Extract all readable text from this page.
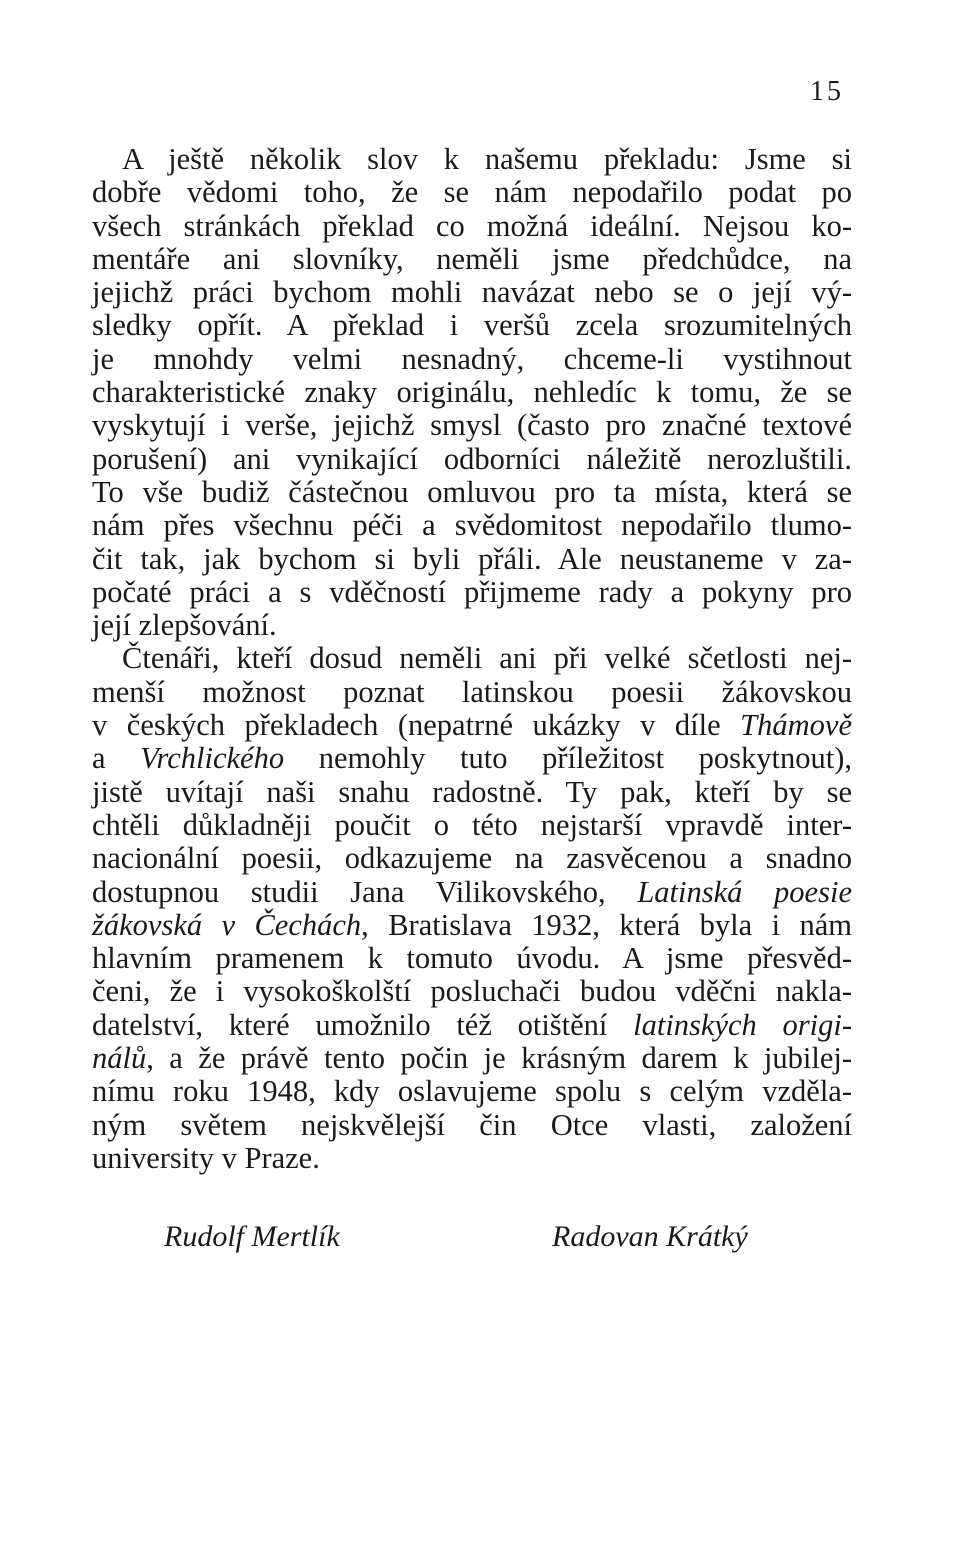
15
A ještě několik slov k našemu překladu: Jsme si
dobře vědomi toho, že se nám nepodařilo podat po
všech stránkách překlad co možná ideální. Nejsou ko-
mentáře ani slovníky, neměli jsme předchůdce, na
jejichž práci bychom mohli navázat nebo se o její vý-
sledky opřít. A překlad i veršů zcela srozumitelných
je mnohdy velmi nesnadný, chceme-li vystihnout
charakteristické znaky originálu, nehledíc k tomu, že se
vyskytují i verše, jejichž smysl (často pro značné textové
porušení) ani vynikající odborníci náležitě nerozluštili.
To vše budiž částečnou omluvou pro ta místa, která se
nám přes všechnu péči a svědomitost nepodařilo tlumo-
čit tak, jak bychom si byli přáli. Ale neustaneme v za-
počaté práci a s vděčností přijmeme rady a pokyny pro
její zlepšování.
Čtenáři, kteří dosud neměli ani při velké sčetlosti nej-
menší možnost poznat latinskou poesii žákovskou
v českých překladech (nepatrné ukázky v díle Thámově
a Vrchlického nemohly tuto příležitost poskytnout),
jistě uvítají naši snahu radostně. Ty pak, kteří by se
chtěli důkladněji poučit o této nejstarší vpravdě inter-
nacionální poesii, odkazujeme na zasvěcenou a snadno
dostupnou studii Jana Vilikovského, Latinská poesie
žákovská v Čechách, Bratislava 1932, která byla i nám
hlavním pramenem k tomuto úvodu. A jsme přesvěd-
čeni, že i vysokoškolští posluchači budou vděčni nakla-
datelství, které umožnilo též otištění latinských origi-
nálů, a že právě tento počin je krásným darem k jubilej-
nímu roku 1948, kdy oslavujeme spolu s celým vzděla-
ným světem nejskvělejší čin Otce vlasti, založení
university v Praze.
Rudolf Mertlík	Radovan Krátký
